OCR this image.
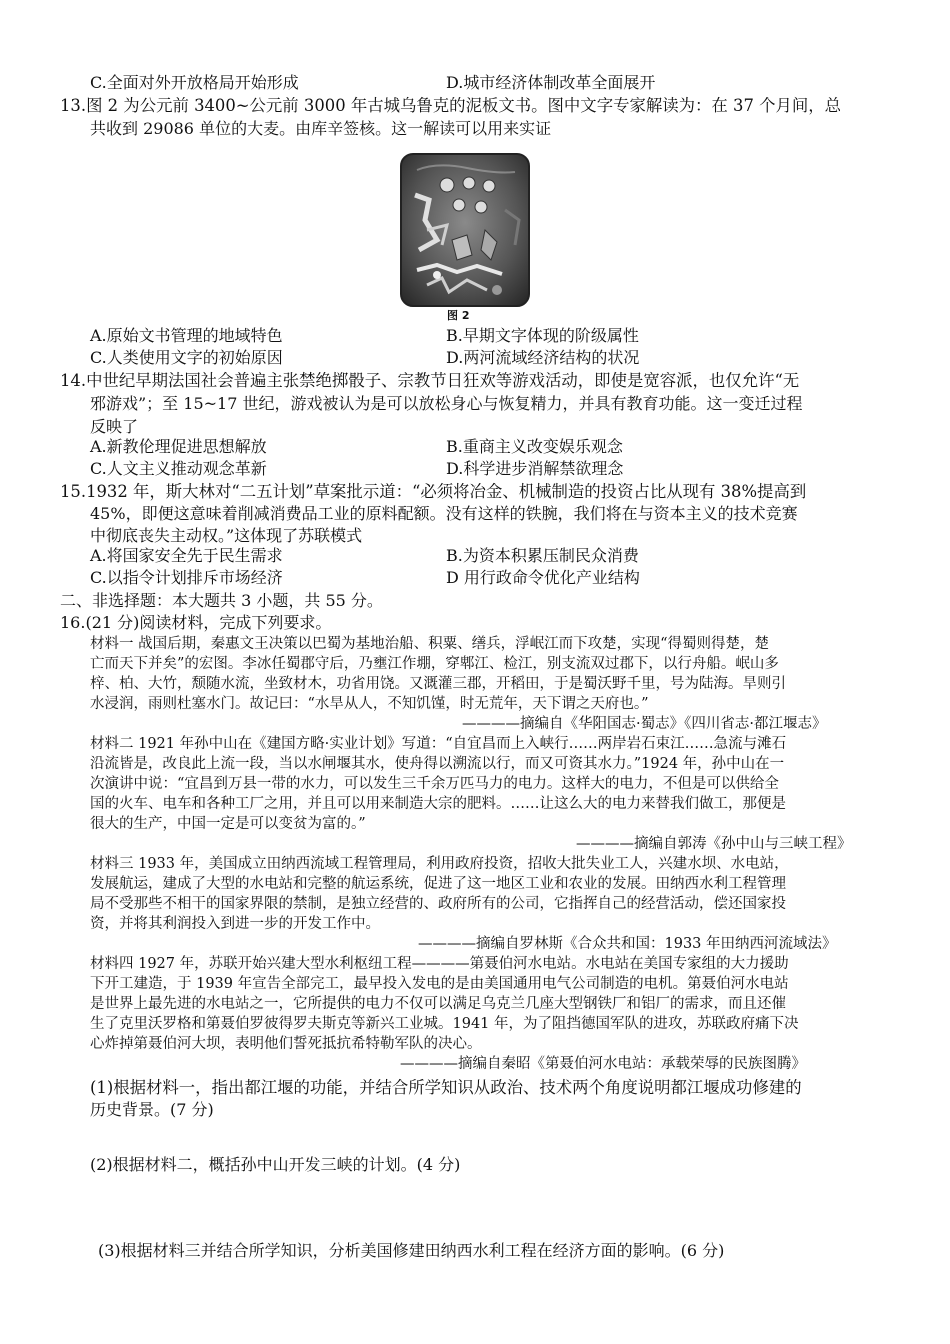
C.全面对外开放格局开始形成	D.城市经济体制改革全面展开
13.图 2 为公元前 3400~公元前 3000 年古城乌鲁克的泥板文书。图中文字专家解读为：在 37 个月间，总
共收到 29086 单位的大麦。由库辛签核。这一解读可以用来实证
图 2
A.原始文书管理的地域特色	B.早期文字体现的阶级属性
C.人类使用文字的初始原因	D.两河流域经济结构的状况
14.中世纪早期法国社会普遍主张禁绝掷骰子、宗教节日狂欢等游戏活动，即使是宽容派，也仅允许“无
邪游戏”；至 15~17 世纪，游戏被认为是可以放松身心与恢复精力，并具有教育功能。这一变迁过程
反映了
A.新教伦理促进思想解放	B.重商主义改变娱乐观念
C.人文主义推动观念革新	D.科学进步消解禁欲理念
15.1932 年，斯大林对“二五计划”草案批示道：“必须将冶金、机械制造的投资占比从现有 38%提高到
45%，即便这意味着削减消费品工业的原料配额。没有这样的铁腕，我们将在与资本主义的技术竞赛
中彻底丧失主动权。”这体现了苏联模式
A.将国家安全先于民生需求	B.为资本积累压制民众消费
C.以指令计划排斥市场经济	D 用行政命令优化产业结构
二、非选择题：本大题共 3 小题，共 55 分。
16.(21 分)阅读材料，完成下列要求。
材料一 战国后期，秦惠文王决策以巴蜀为基地治船、积粟、缮兵，浮岷江而下攻楚，实现“得蜀则得楚，楚
亡而天下并矣”的宏图。李冰任蜀郡守后，乃壅江作堋，穿郫江、检江，别支流双过郡下，以行舟船。岷山多
梓、柏、大竹，颓随水流，坐致材木，功省用饶。又溉灌三郡，开稻田，于是蜀沃野千里，号为陆海。旱则引
水浸润，雨则杜塞水门。故记曰：“水旱从人，不知饥馑，时无荒年，天下谓之天府也。”
————摘编自《华阳国志·蜀志》《四川省志·都江堰志》
材料二 1921 年孙中山在《建国方略·实业计划》写道：“自宜昌而上入峡行……两岸岩石束江……急流与滩石
沿流皆是，改良此上流一段，当以水闸堰其水，使舟得以溯流以行，而又可资其水力。”1924 年，孙中山在一
次演讲中说：“宜昌到万县一带的水力，可以发生三千余万匹马力的电力。这样大的电力，不但是可以供给全
国的火车、电车和各种工厂之用，并且可以用来制造大宗的肥料。……让这么大的电力来替我们做工，那便是
很大的生产，中国一定是可以变贫为富的。”
————摘编自郭涛《孙中山与三峡工程》
材料三 1933 年，美国成立田纳西流域工程管理局，利用政府投资，招收大批失业工人，兴建水坝、水电站，
发展航运，建成了大型的水电站和完整的航运系统，促进了这一地区工业和农业的发展。田纳西水利工程管理
局不受那些不相干的国家界限的禁制，是独立经营的、政府所有的公司，它指挥自己的经营活动，偿还国家投
资，并将其利润投入到进一步的开发工作中。
————摘编自罗林斯《合众共和国：1933 年田纳西河流域法》
材料四 1927 年，苏联开始兴建大型水利枢纽工程————第聂伯河水电站。水电站在美国专家组的大力援助
下开工建造，于 1939 年宣告全部完工，最早投入发电的是由美国通用电气公司制造的电机。第聂伯河水电站
是世界上最先进的水电站之一，它所提供的电力不仅可以满足乌克兰几座大型钢铁厂和铝厂的需求，而且还催
生了克里沃罗格和第聂伯罗彼得罗夫斯克等新兴工业城。1941 年，为了阻挡德国军队的进攻，苏联政府痛下决
心炸掉第聂伯河大坝，表明他们誓死抵抗希特勒军队的决心。
————摘编自秦昭《第聂伯河水电站：承载荣辱的民族图腾》
(1)根据材料一，指出都江堰的功能，并结合所学知识从政治、技术两个角度说明都江堰成功修建的
历史背景。(7 分)
(2)根据材料二，概括孙中山开发三峡的计划。(4 分)
(3)根据材料三并结合所学知识，分析美国修建田纳西水利工程在经济方面的影响。(6 分)
